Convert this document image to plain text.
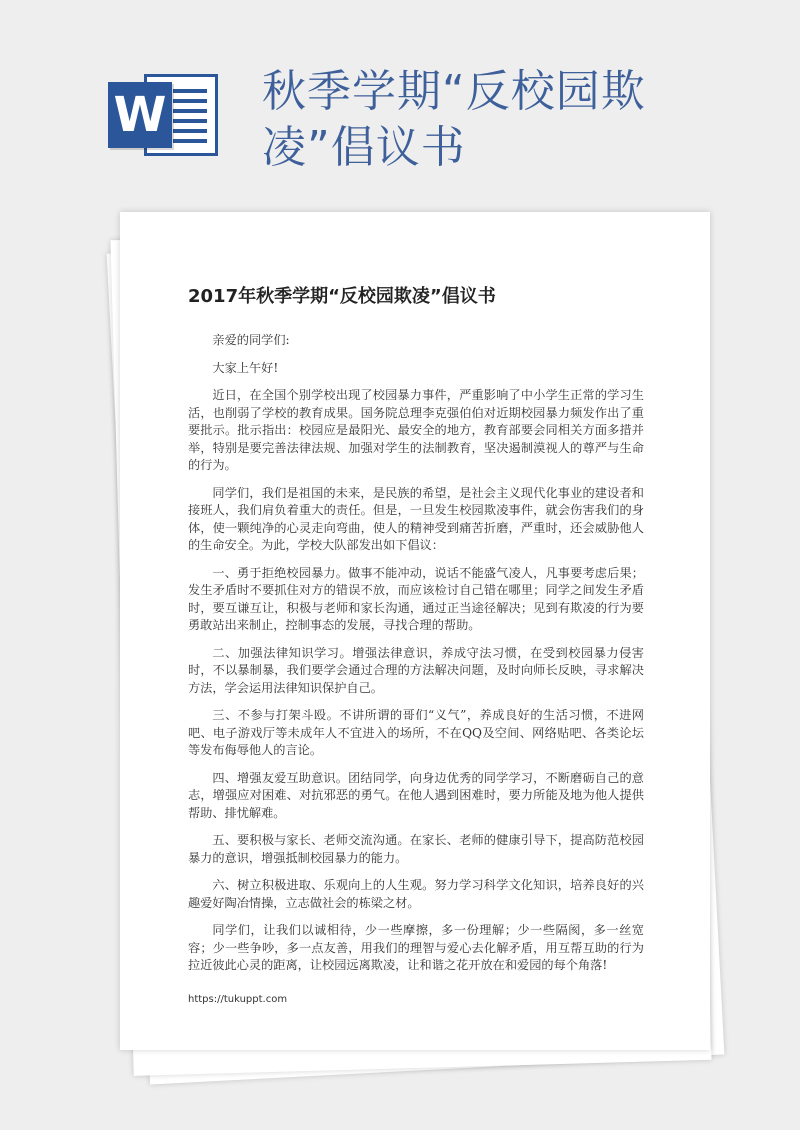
W 秋季学期“反校园欺凌”倡议书
2017年秋季学期“反校园欺凌”倡议书

亲爱的同学们:

大家上午好!

近日，在全国个别学校出现了校园暴力事件，严重影响了中小学生正常的学习生活，也削弱了学校的教育成果。国务院总理李克强伯伯对近期校园暴力频发作出了重要批示。批示指出：校园应是最阳光、最安全的地方，教育部要会同相关方面多措并举，特别是要完善法律法规、加强对学生的法制教育，坚决遏制漠视人的尊严与生命的行为。

同学们，我们是祖国的未来，是民族的希望，是社会主义现代化事业的建设者和接班人，我们肩负着重大的责任。但是，一旦发生校园欺凌事件，就会伤害我们的身体，使一颗纯净的心灵走向弯曲，使人的精神受到痛苦折磨，严重时，还会威胁他人的生命安全。为此，学校大队部发出如下倡议：

一、勇于拒绝校园暴力。做事不能冲动，说话不能盛气凌人，凡事要考虑后果；发生矛盾时不要抓住对方的错误不放，而应该检讨自己错在哪里；同学之间发生矛盾时，要互谦互让，积极与老师和家长沟通，通过正当途径解决；见到有欺凌的行为要勇敢站出来制止，控制事态的发展，寻找合理的帮助。

二、加强法律知识学习。增强法律意识，养成守法习惯，在受到校园暴力侵害时，不以暴制暴，我们要学会通过合理的方法解决问题，及时向师长反映，寻求解决方法，学会运用法律知识保护自己。

三、不参与打架斗殴。不讲所谓的哥们“义气”，养成良好的生活习惯，不进网吧、电子游戏厅等未成年人不宜进入的场所，不在QQ及空间、网络贴吧、各类论坛等发布侮辱他人的言论。

四、增强友爱互助意识。团结同学，向身边优秀的同学学习，不断磨砺自己的意志，增强应对困难、对抗邪恶的勇气。在他人遇到困难时，要力所能及地为他人提供帮助、排忧解难。

五、要积极与家长、老师交流沟通。在家长、老师的健康引导下，提高防范校园暴力的意识，增强抵制校园暴力的能力。

六、树立积极进取、乐观向上的人生观。努力学习科学文化知识，培养良好的兴趣爱好陶冶情操，立志做社会的栋梁之材。

同学们，让我们以诚相待，少一些摩擦，多一份理解；少一些隔阂，多一丝宽容；少一些争吵，多一点友善，用我们的理智与爱心去化解矛盾，用互帮互助的行为拉近彼此心灵的距离，让校园远离欺凌，让和谐之花开放在和爱园的每个角落!

https://tukuppt.com
